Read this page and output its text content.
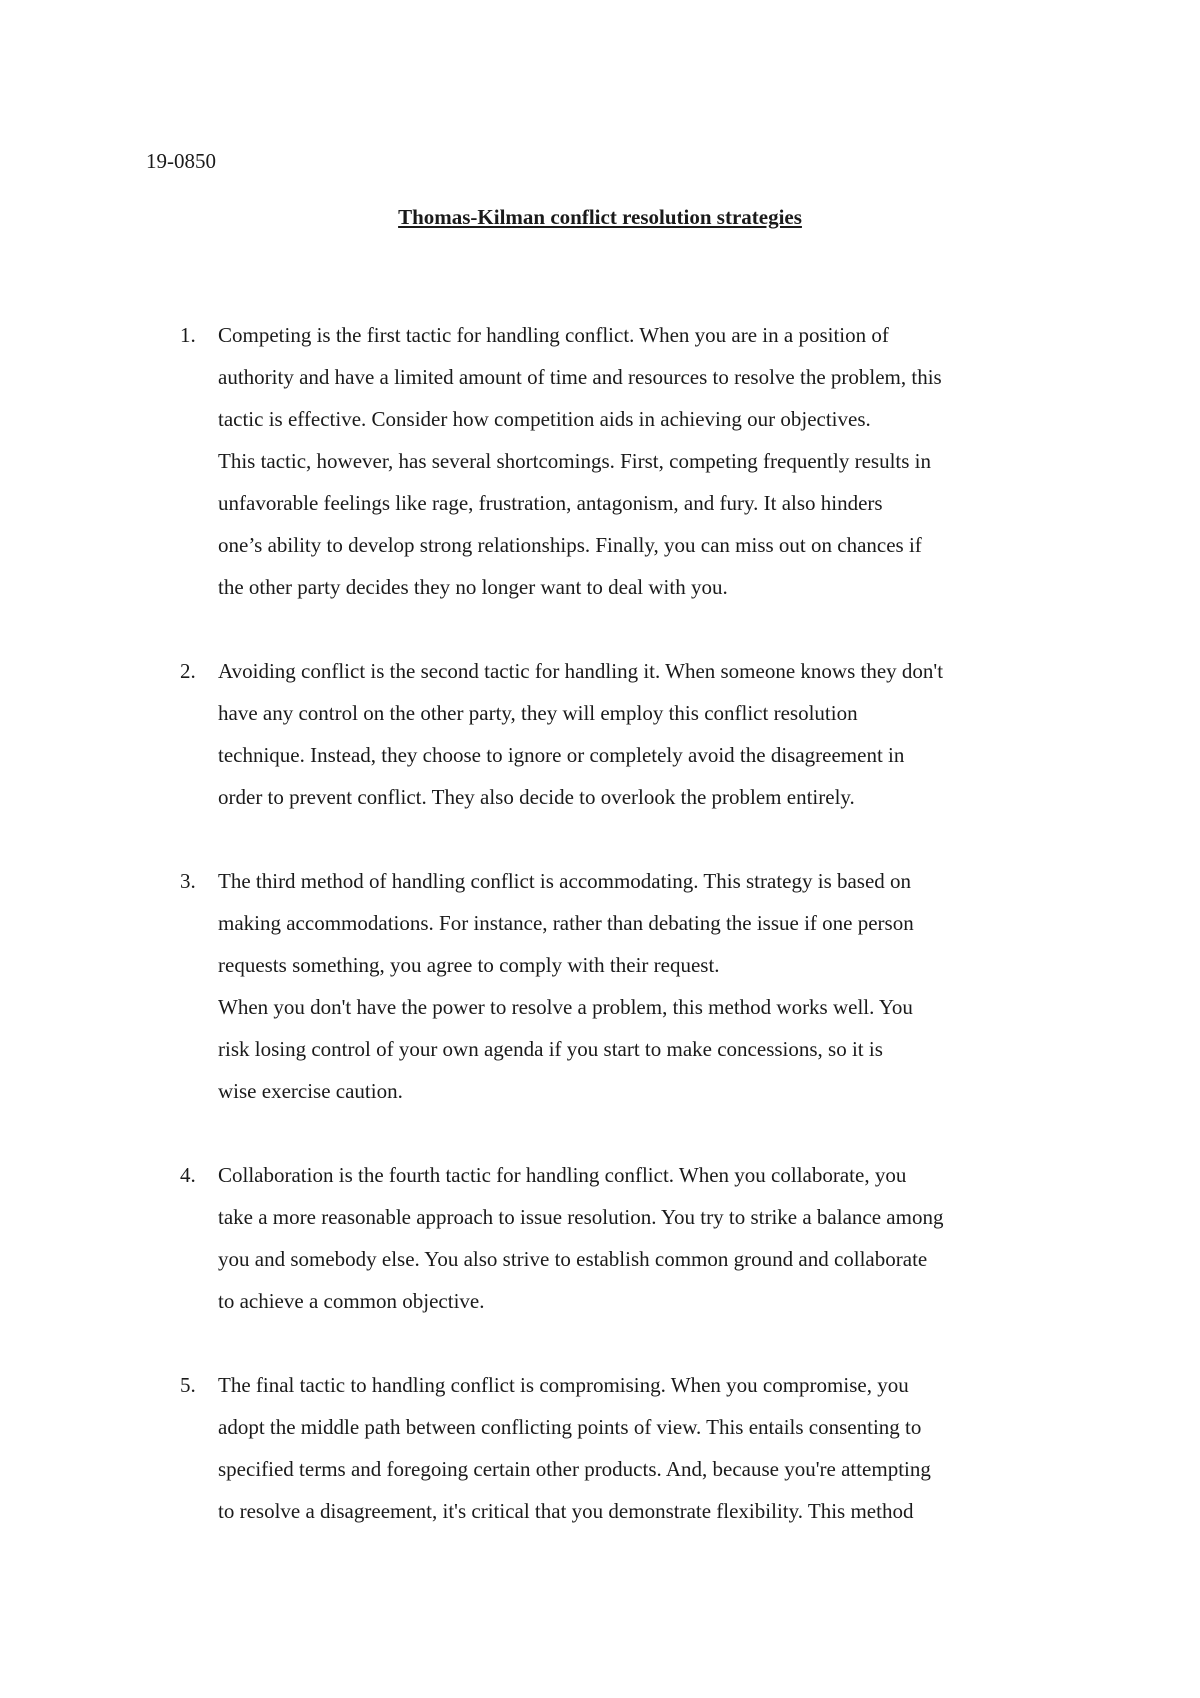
19-0850
Thomas-Kilman conflict resolution strategies
1. Competing is the first tactic for handling conflict. When you are in a position of
authority and have a limited amount of time and resources to resolve the problem, this
tactic is effective. Consider how competition aids in achieving our objectives.
This tactic, however, has several shortcomings. First, competing frequently results in
unfavorable feelings like rage, frustration, antagonism, and fury. It also hinders
one’s ability to develop strong relationships. Finally, you can miss out on chances if
the other party decides they no longer want to deal with you.
2. Avoiding conflict is the second tactic for handling it. When someone knows they don't
have any control on the other party, they will employ this conflict resolution
technique. Instead, they choose to ignore or completely avoid the disagreement in
order to prevent conflict. They also decide to overlook the problem entirely.
3. The third method of handling conflict is accommodating. This strategy is based on
making accommodations. For instance, rather than debating the issue if one person
requests something, you agree to comply with their request.
When you don't have the power to resolve a problem, this method works well. You
risk losing control of your own agenda if you start to make concessions, so it is
wise exercise caution.
4. Collaboration is the fourth tactic for handling conflict. When you collaborate, you
take a more reasonable approach to issue resolution. You try to strike a balance among
you and somebody else. You also strive to establish common ground and collaborate
to achieve a common objective.
5. The final tactic to handling conflict is compromising. When you compromise, you
adopt the middle path between conflicting points of view. This entails consenting to
specified terms and foregoing certain other products. And, because you're attempting
to resolve a disagreement, it's critical that you demonstrate flexibility. This method
